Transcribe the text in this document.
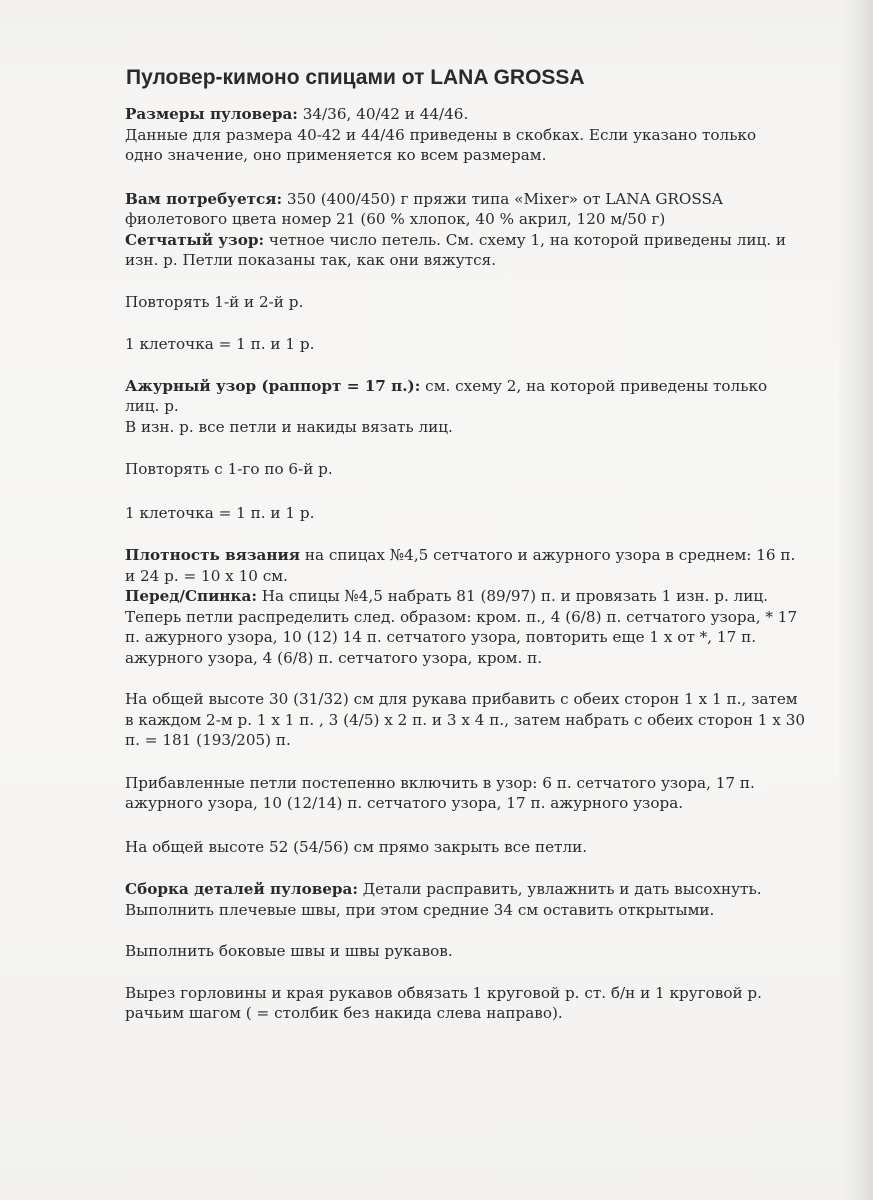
Пуловер-кимоно спицами от LANA GROSSA

Размеры пуловера: 34/36, 40/42 и 44/46.

Данные для размера 40-42 и 44/46 приведены в скобках. Если указано только

одно значение, оно применяется ко всем размерам.

Вам потребуется: 350 (400/450) г пряжи типа «Mixer» от LANA GROSSA

фиолетового цвета номер 21 (60 % хлопок, 40 % акрил, 120 м/50 г)

Сетчатый узор: четное число петель. См. схему 1, на которой приведены лиц. и

изн. р. Петли показаны так, как они вяжутся.

Повторять 1-й и 2-й р.

1 клеточка = 1 п. и 1 р.

Ажурный узор (раппорт = 17 п.): см. схему 2, на которой приведены только

лиц. р.

В изн. р. все петли и накиды вязать лиц.

Повторять с 1-го по 6-й р.

1 клеточка = 1 п. и 1 р.

Плотность вязания на спицах №4,5 сетчатого и ажурного узора в среднем: 16 п.

и 24 р. = 10 х 10 см.

Перед/Спинка: На спицы №4,5 набрать 81 (89/97) п. и провязать 1 изн. р. лиц.

Теперь петли распределить след. образом: кром. п., 4 (6/8) п. сетчатого узора, * 17

п. ажурного узора, 10 (12) 14 п. сетчатого узора, повторить еще 1 х от *, 17 п.

ажурного узора, 4 (6/8) п. сетчатого узора, кром. п.

На общей высоте 30 (31/32) см для рукава прибавить с обеих сторон 1 х 1 п., затем

в каждом 2-м р. 1 х 1 п. , 3 (4/5) х 2 п. и 3 х 4 п., затем набрать с обеих сторон 1 х 30

п. = 181 (193/205) п.

Прибавленные петли постепенно включить в узор: 6 п. сетчатого узора, 17 п.

ажурного узора, 10 (12/14) п. сетчатого узора, 17 п. ажурного узора.

На общей высоте 52 (54/56) см прямо закрыть все петли.

Сборка деталей пуловера: Детали расправить, увлажнить и дать высохнуть.

Выполнить плечевые швы, при этом средние 34 см оставить открытыми.

Выполнить боковые швы и швы рукавов.

Вырез горловины и края рукавов обвязать 1 круговой р. ст. б/н и 1 круговой р.

рачьим шагом ( = столбик без накида слева направо).
